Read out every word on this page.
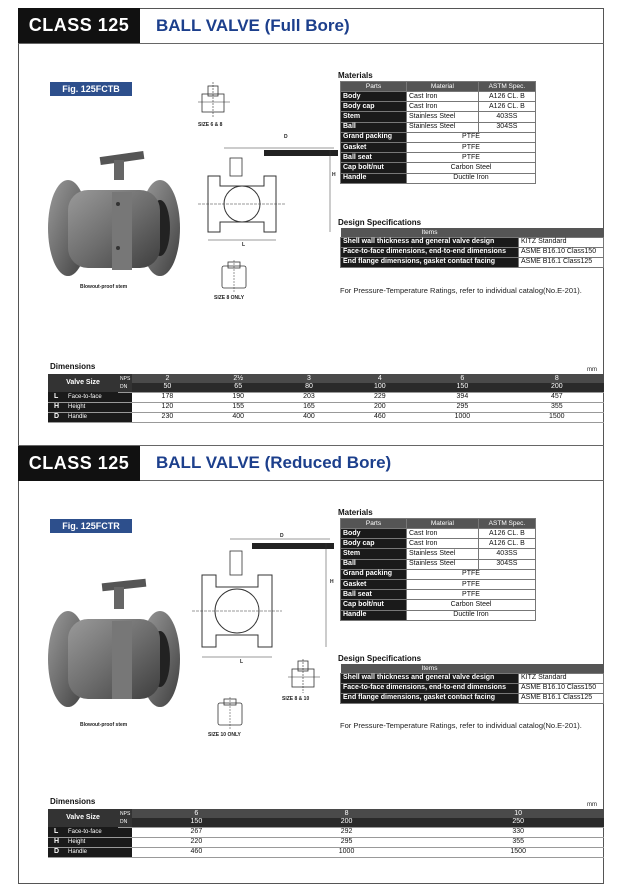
CLASS 125	BALL VALVE (Full Bore)
Fig. 125FCTB
Blowout-proof stem
SIZE 6 & 8
D
H
L
SIZE 8 ONLY
Materials
Parts	Material	ASTM Spec.
Body	Cast Iron	A126 CL. B
Body cap	Cast Iron	A126 CL. B
Stem	Stainless Steel	403SS
Ball	Stainless Steel	304SS
Grand packing	PTFE	
Gasket	PTFE	
Ball seat	PTFE	
Cap bolt/nut	Carbon Steel	
Handle	Ductile Iron	
Design Specifications
Items	
Shell wall thickness and general valve design	KITZ Standard
Face-to-face dimensions, end-to-end dimensions	ASME B16.10 Class150
End flange dimensions, gasket contact facing	ASME B16.1 Class125
For Pressure-Temperature Ratings, refer to individual catalog(No.E-201).
Dimensions	mm
Valve Size	NPS	2	2½	3	4	6	8
	DN	50	65	80	100	150	200
L Face-to-face		178	190	203	229	394	457
H Height		120	155	165	200	295	355
D Handle		230	400	400	460	1000	1500
CLASS 125	BALL VALVE (Reduced Bore)
Fig. 125FCTR
Blowout-proof stem
D
H
L
SIZE 8 & 10
SIZE 10 ONLY
Materials
Parts	Material	ASTM Spec.
Body	Cast Iron	A126 CL. B
Body cap	Cast Iron	A126 CL. B
Stem	Stainless Steel	403SS
Ball	Stainless Steel	304SS
Grand packing	PTFE	
Gasket	PTFE	
Ball seat	PTFE	
Cap bolt/nut	Carbon Steel	
Handle	Ductile Iron	
Design Specifications
Items	
Shell wall thickness and general valve design	KITZ Standard
Face-to-face dimensions, end-to-end dimensions	ASME B16.10 Class150
End flange dimensions, gasket contact facing	ASME B16.1 Class125
For Pressure-Temperature Ratings, refer to individual catalog(No.E-201).
Dimensions	mm
Valve Size	NPS	6	8	10
	DN	150	200	250
L Face-to-face		267	292	330
H Height		220	295	355
D Handle		460	1000	1500
